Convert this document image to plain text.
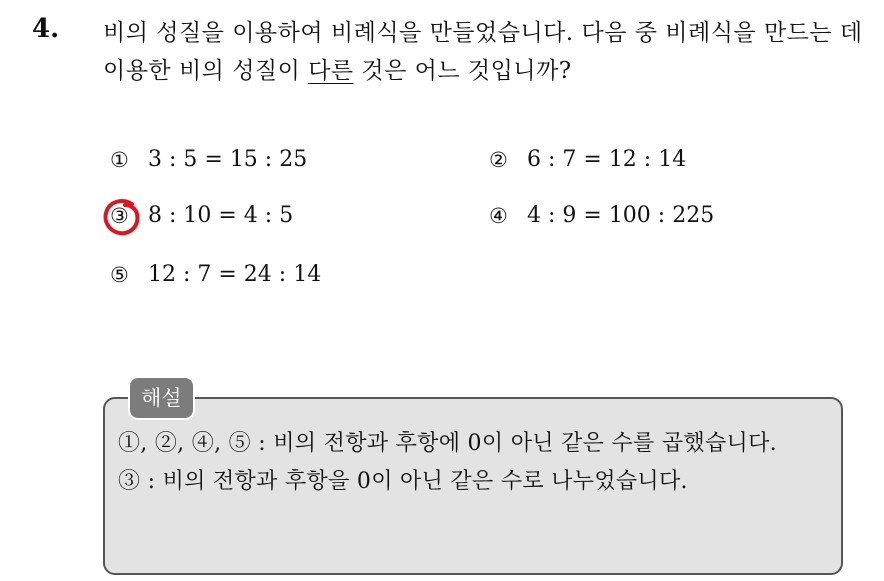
4. 비의 성질을 이용하여 비례식을 만들었습니다. 다음 중 비례식을 만드는 데 이용한 비의 성질이 다른 것은 어느 것입니까?
① 3 : 5 = 15 : 25	② 6 : 7 = 12 : 14
③ 8 : 10 = 4 : 5	④ 4 : 9 = 100 : 225
⑤ 12 : 7 = 24 : 14
해설
①, ②, ④, ⑤ : 비의 전항과 후항에 0이 아닌 같은 수를 곱했습니다.
③ : 비의 전항과 후항을 0이 아닌 같은 수로 나누었습니다.
